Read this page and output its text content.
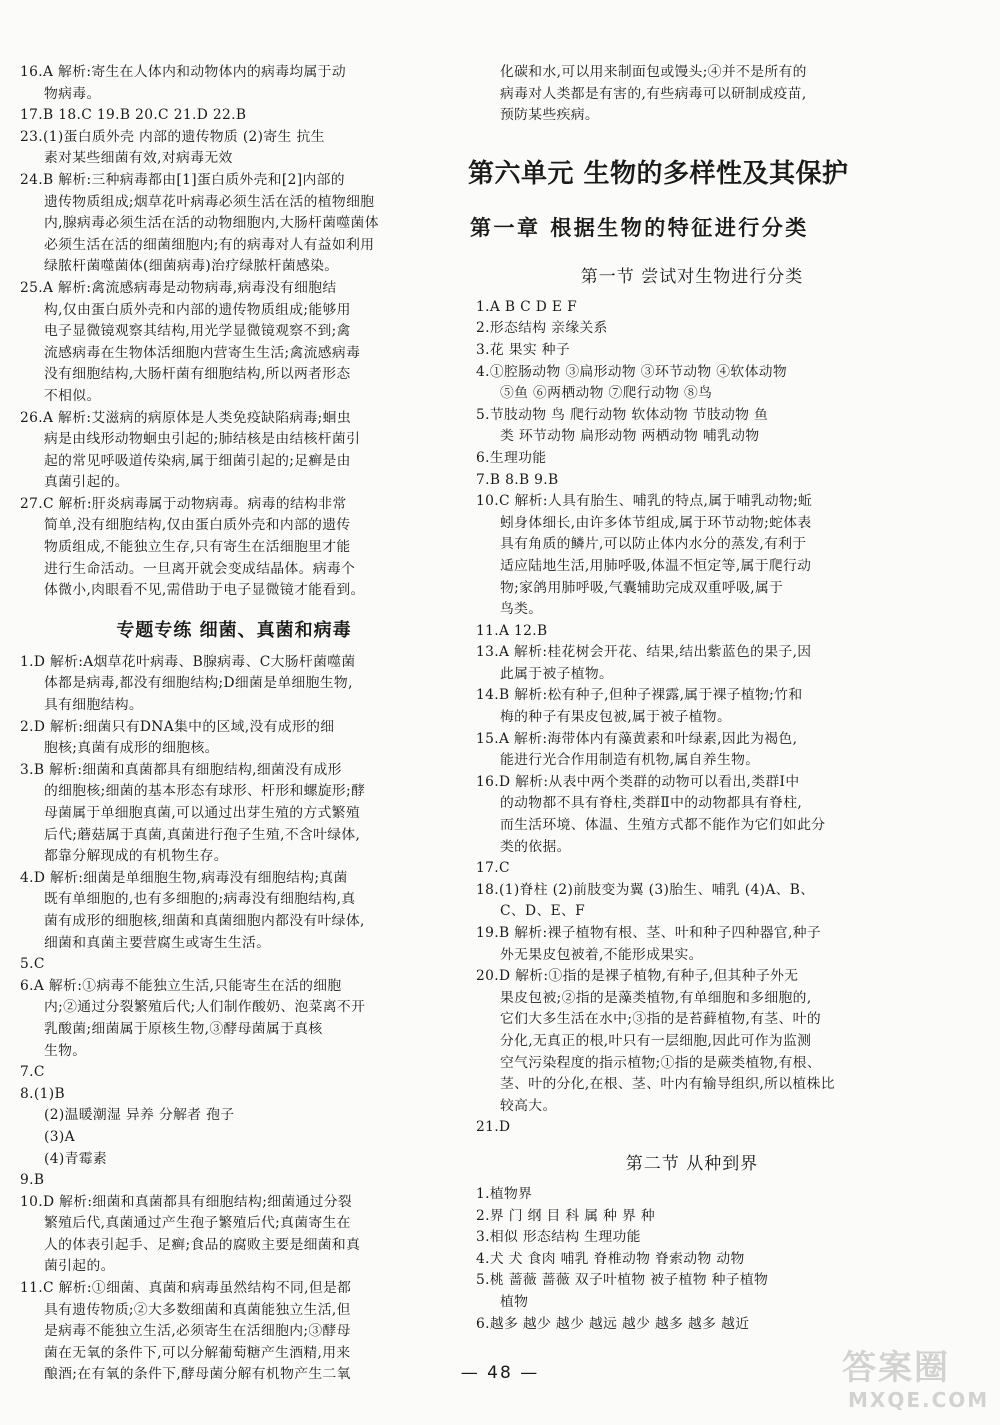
16.A 解析:寄生在人体内和动物体内的病毒均属于动
物病毒。
17.B 18.C 19.B 20.C 21.D 22.B
23.(1)蛋白质外壳 内部的遗传物质 (2)寄生 抗生
素对某些细菌有效,对病毒无效
24.B 解析:三种病毒都由[1]蛋白质外壳和[2]内部的
遗传物质组成;烟草花叶病毒必须生活在活的植物细胞
内,腺病毒必须生活在活的动物细胞内,大肠杆菌噬菌体
必须生活在活的细菌细胞内;有的病毒对人有益如利用
绿脓杆菌噬菌体(细菌病毒)治疗绿脓杆菌感染。
25.A 解析:禽流感病毒是动物病毒,病毒没有细胞结
构,仅由蛋白质外壳和内部的遗传物质组成;能够用
电子显微镜观察其结构,用光学显微镜观察不到;禽
流感病毒在生物体活细胞内营寄生生活;禽流感病毒
没有细胞结构,大肠杆菌有细胞结构,所以两者形态
不相似。
26.A 解析:艾滋病的病原体是人类免疫缺陷病毒;蛔虫
病是由线形动物蛔虫引起的;肺结核是由结核杆菌引
起的常见呼吸道传染病,属于细菌引起的;足癣是由
真菌引起的。
27.C 解析:肝炎病毒属于动物病毒。病毒的结构非常
简单,没有细胞结构,仅由蛋白质外壳和内部的遗传
物质组成,不能独立生存,只有寄生在活细胞里才能
进行生命活动。一旦离开就会变成结晶体。病毒个
体微小,肉眼看不见,需借助于电子显微镜才能看到。
专题专练 细菌、真菌和病毒
1.D 解析:A烟草花叶病毒、B腺病毒、C大肠杆菌噬菌
体都是病毒,都没有细胞结构;D细菌是单细胞生物,
具有细胞结构。
2.D 解析:细菌只有DNA集中的区域,没有成形的细
胞核;真菌有成形的细胞核。
3.B 解析:细菌和真菌都具有细胞结构,细菌没有成形
的细胞核;细菌的基本形态有球形、杆形和螺旋形;酵
母菌属于单细胞真菌,可以通过出芽生殖的方式繁殖
后代;蘑菇属于真菌,真菌进行孢子生殖,不含叶绿体,
都靠分解现成的有机物生存。
4.D 解析:细菌是单细胞生物,病毒没有细胞结构;真菌
既有单细胞的,也有多细胞的;病毒没有细胞结构,真
菌有成形的细胞核,细菌和真菌细胞内都没有叶绿体,
细菌和真菌主要营腐生或寄生生活。
5.C
6.A 解析:①病毒不能独立生活,只能寄生在活的细胞
内;②通过分裂繁殖后代;人们制作酸奶、泡菜离不开
乳酸菌;细菌属于原核生物,③酵母菌属于真核
生物。
7.C
8.(1)B
(2)温暖潮湿 异养 分解者 孢子
(3)A
(4)青霉素
9.B
10.D 解析:细菌和真菌都具有细胞结构;细菌通过分裂
繁殖后代,真菌通过产生孢子繁殖后代;真菌寄生在
人的体表引起手、足癣;食品的腐败主要是细菌和真
菌引起的。
11.C 解析:①细菌、真菌和病毒虽然结构不同,但是都
具有遗传物质;②大多数细菌和真菌能独立生活,但
是病毒不能独立生活,必须寄生在活细胞内;③酵母
菌在无氧的条件下,可以分解葡萄糖产生酒精,用来
酿酒;在有氧的条件下,酵母菌分解有机物产生二氧
化碳和水,可以用来制面包或馒头;④并不是所有的
病毒对人类都是有害的,有些病毒可以研制成疫苗,
预防某些疾病。
第六单元 生物的多样性及其保护
第一章 根据生物的特征进行分类
第一节 尝试对生物进行分类
1.A B C D E F
2.形态结构 亲缘关系
3.花 果实 种子
4.①腔肠动物 ③扁形动物 ③环节动物 ④软体动物
⑤鱼 ⑥两栖动物 ⑦爬行动物 ⑧鸟
5.节肢动物 鸟 爬行动物 软体动物 节肢动物 鱼
类 环节动物 扁形动物 两栖动物 哺乳动物
6.生理功能
7.B 8.B 9.B
10.C 解析:人具有胎生、哺乳的特点,属于哺乳动物;蚯
蚓身体细长,由许多体节组成,属于环节动物;蛇体表
具有角质的鳞片,可以防止体内水分的蒸发,有利于
适应陆地生活,用肺呼吸,体温不恒定等,属于爬行动
物;家鸽用肺呼吸,气囊辅助完成双重呼吸,属于
鸟类。
11.A 12.B
13.A 解析:桂花树会开花、结果,结出紫蓝色的果子,因
此属于被子植物。
14.B 解析:松有种子,但种子裸露,属于裸子植物;竹和
梅的种子有果皮包被,属于被子植物。
15.A 解析:海带体内有藻黄素和叶绿素,因此为褐色,
能进行光合作用制造有机物,属自养生物。
16.D 解析:从表中两个类群的动物可以看出,类群Ⅰ中
的动物都不具有脊柱,类群Ⅱ中的动物都具有脊柱,
而生活环境、体温、生殖方式都不能作为它们如此分
类的依据。
17.C
18.(1)脊柱 (2)前肢变为翼 (3)胎生、哺乳 (4)A、B、
C、D、E、F
19.B 解析:裸子植物有根、茎、叶和种子四种器官,种子
外无果皮包被着,不能形成果实。
20.D 解析:①指的是裸子植物,有种子,但其种子外无
果皮包被;②指的是藻类植物,有单细胞和多细胞的,
它们大多生活在水中;③指的是苔藓植物,有茎、叶的
分化,无真正的根,叶只有一层细胞,因此可作为监测
空气污染程度的指示植物;①指的是蕨类植物,有根、
茎、叶的分化,在根、茎、叶内有输导组织,所以植株比
较高大。
21.D
第二节 从种到界
1.植物界
2.界 门 纲 目 科 属 种 界 种
3.相似 形态结构 生理功能
4.犬 犬 食肉 哺乳 脊椎动物 脊索动物 动物
5.桃 蔷薇 蔷薇 双子叶植物 被子植物 种子植物
植物
6.越多 越少 越少 越远 越少 越多 越多 越近
— 48 —	答案圈
MXQE.COM
